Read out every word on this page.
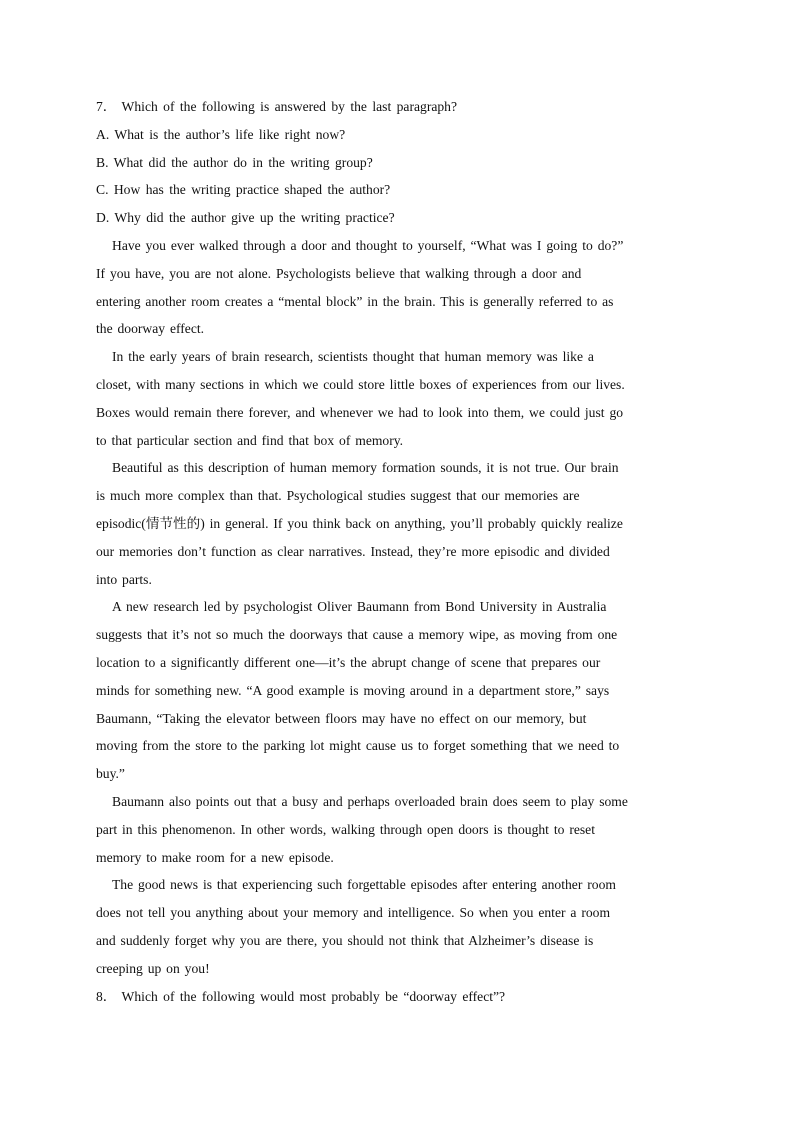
7． Which of the following is answered by the last paragraph?
A. What is the author’s life like right now?
B. What did the author do in the writing group?
C. How has the writing practice shaped the author?
D. Why did the author give up the writing practice?
Have you ever walked through a door and thought to yourself, “What was I going to do?”
If you have, you are not alone. Psychologists believe that walking through a door and
entering another room creates a “mental block” in the brain. This is generally referred to as
the doorway effect.
In the early years of brain research, scientists thought that human memory was like a
closet, with many sections in which we could store little boxes of experiences from our lives.
Boxes would remain there forever, and whenever we had to look into them, we could just go
to that particular section and find that box of memory.
Beautiful as this description of human memory formation sounds, it is not true. Our brain
is much more complex than that. Psychological studies suggest that our memories are
episodic(情节性的) in general. If you think back on anything, you’ll probably quickly realize
our memories don’t function as clear narratives. Instead, they’re more episodic and divided
into parts.
A new research led by psychologist Oliver Baumann from Bond University in Australia
suggests that it’s not so much the doorways that cause a memory wipe, as moving from one
location to a significantly different one—it’s the abrupt change of scene that prepares our
minds for something new. “A good example is moving around in a department store,” says
Baumann, “Taking the elevator between floors may have no effect on our memory, but
moving from the store to the parking lot might cause us to forget something that we need to
buy.”
Baumann also points out that a busy and perhaps overloaded brain does seem to play some
part in this phenomenon. In other words, walking through open doors is thought to reset
memory to make room for a new episode.
The good news is that experiencing such forgettable episodes after entering another room
does not tell you anything about your memory and intelligence. So when you enter a room
and suddenly forget why you are there, you should not think that Alzheimer’s disease is
creeping up on you!
8． Which of the following would most probably be “doorway effect”?
